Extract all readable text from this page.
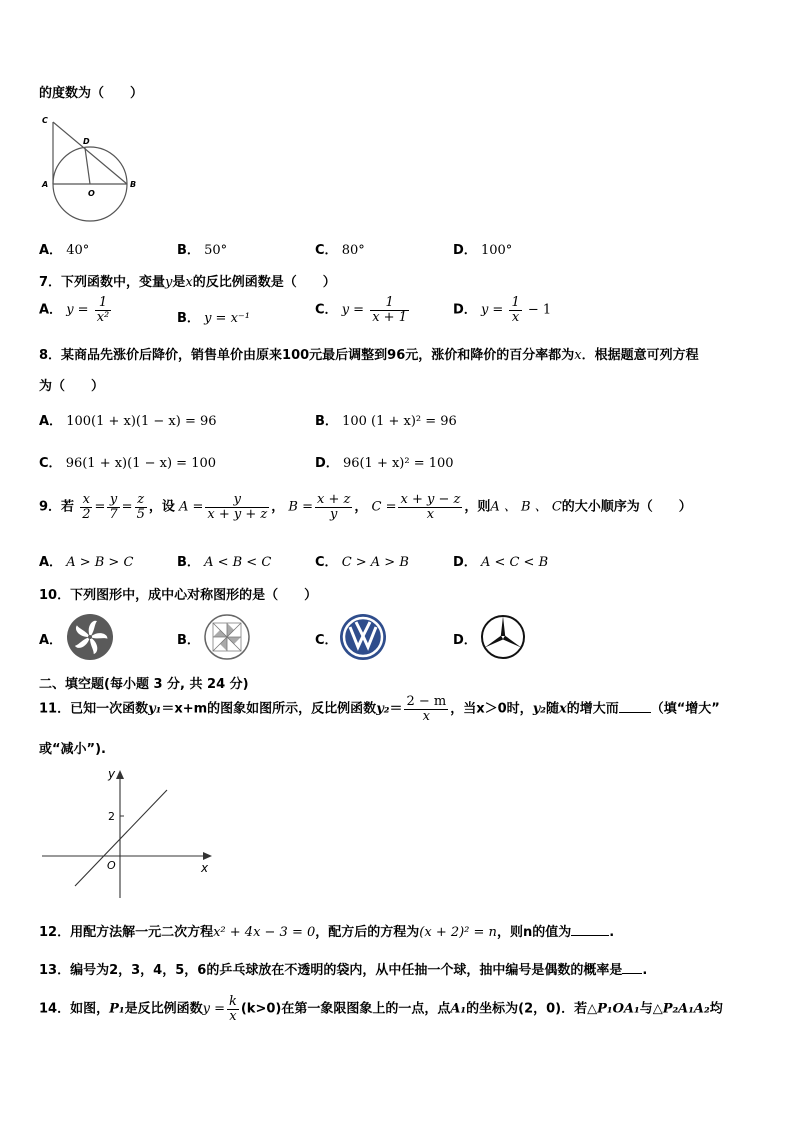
的度数为（　　）
C
D
A
O
B
A． 40°	B． 50°	C． 80°	D． 100°
7．下列函数中，变量y是x的反比例函数是（　　）
A． $y = \frac{1}{\text{x²}}$	B． y = x⁻¹
C． $y = \frac{1}{x + 1}$	D． $y = \frac{1}{x} - 1$
8．某商品先涨价后降价，销售单价由原来100元最后调整到96元，涨价和降价的百分率都为x．根据题意可列方程
为（　　）
A． 100(1 + x)(1 − x) = 96	B． 100 (1 + x)² = 96
C． 96(1 + x)(1 − x) = 100	D． 96(1 + x)² = 100
9．若 $\frac{x}{2} = \frac{y}{7} = \frac{z}{5}$ ，设 $A = \frac{y}{x + y + z}$ ， $B = \frac{x + z}{y}$ ， $C = \frac{x + y - z}{x}$ ，则A 、 B 、 C的大小顺序为（　　）
A． A > B > C	B． A < B < C	C． C > A > B	D． A < C < B
10．下列图形中，成中心对称图形的是（　　）
A．	B．	C．	D．
二、填空题(每小题 3 分, 共 24 分)
11．已知一次函数y₁＝x+m的图象如图所示，反比例函数$y_2= \frac{2 - m}{x}$ ，当x＞0时，y₂随x的增大而 （填“增大”
或“减小”).
y
x
O
2
12．用配方法解一元二次方程x² + 4x − 3 = 0，配方后的方程为(x + 2)² = n，则n的值为	.
13．编号为2，3，4，5，6的乒乓球放在不透明的袋内，从中任抽一个球，抽中编号是偶数的概率是 .
14．如图，P₁是反比例函数$y = \frac{k}{x} (k>0)$在第一象限图象上的一点，点A₁的坐标为(2，0)．若△P₁OA₁与△P₂A₁A₂均
